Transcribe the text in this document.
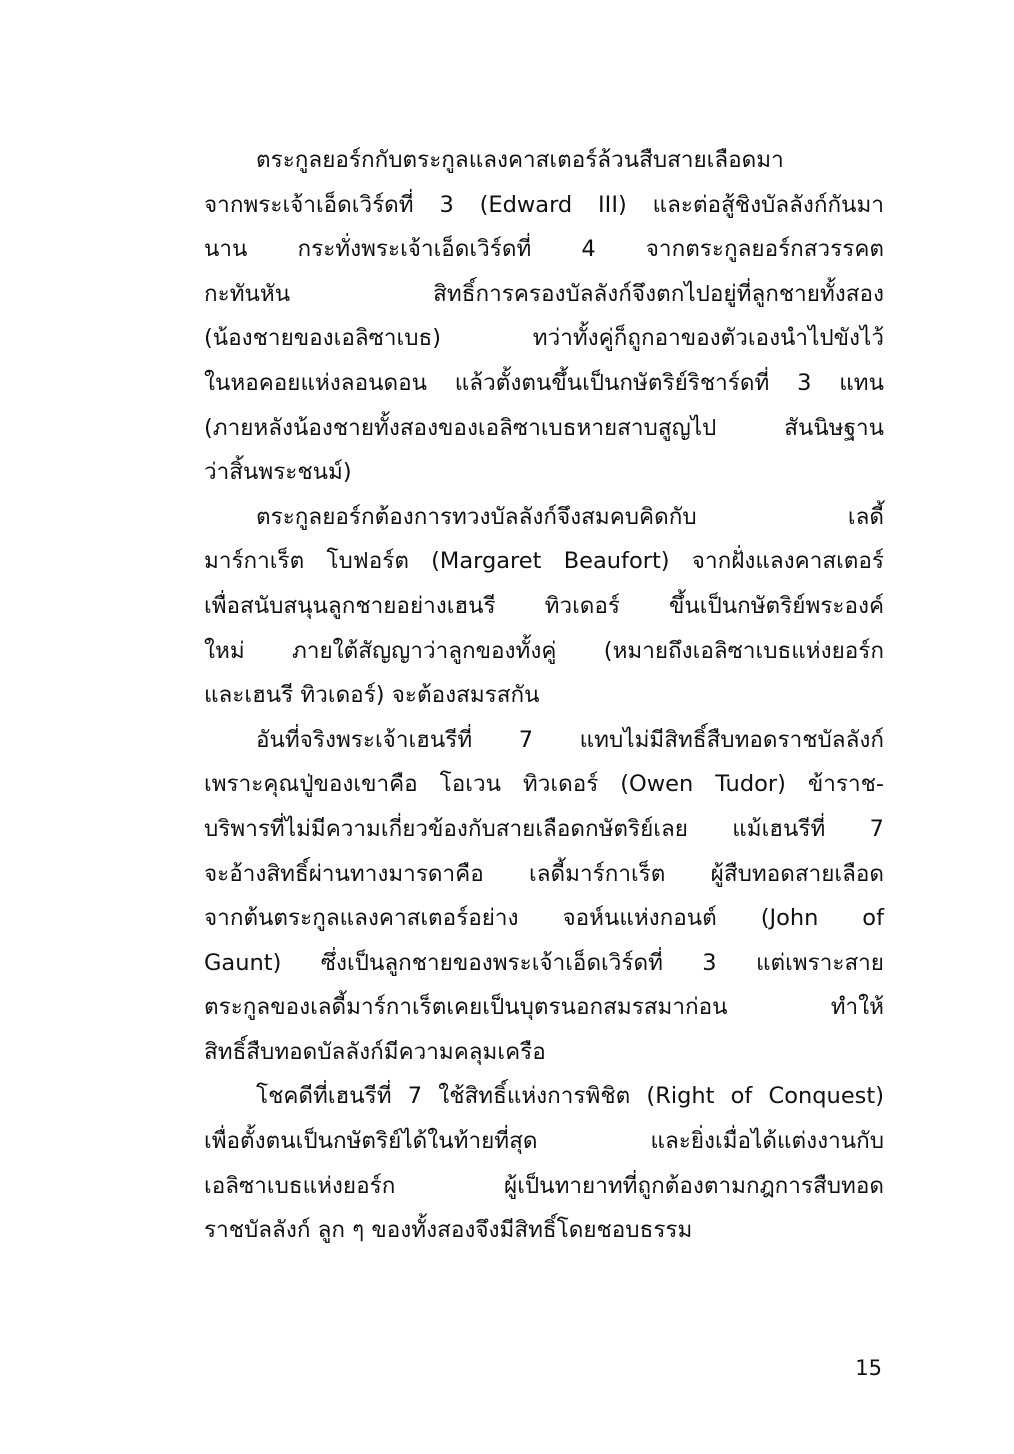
ตระกูลยอร์กกับตระกูลแลงคาสเตอร์ล้วนสืบสายเลือดมา
จากพระเจ้าเอ็ดเวิร์ดที่ 3 (Edward III) และต่อสู้ชิงบัลลังก์กันมา
นาน กระทั่งพระเจ้าเอ็ดเวิร์ดที่ 4 จากตระกูลยอร์กสวรรคต
กะทันหัน สิทธิ์การครองบัลลังก์จึงตกไปอยู่ที่ลูกชายทั้งสอง
(น้องชายของเอลิซาเบธ) ทว่าทั้งคู่ก็ถูกอาของตัวเองนำไปขังไว้
ในหอคอยแห่งลอนดอน แล้วตั้งตนขึ้นเป็นกษัตริย์ริชาร์ดที่ 3 แทน
(ภายหลังน้องชายทั้งสองของเอลิซาเบธหายสาบสูญไป สันนิษฐาน
ว่าสิ้นพระชนม์)
ตระกูลยอร์กต้องการทวงบัลลังก์จึงสมคบคิดกับ เลดี้
มาร์กาเร็ต โบฟอร์ต (Margaret Beaufort) จากฝั่งแลงคาสเตอร์
เพื่อสนับสนุนลูกชายอย่างเฮนรี ทิวเดอร์ ขึ้นเป็นกษัตริย์พระองค์
ใหม่ ภายใต้สัญญาว่าลูกของทั้งคู่ (หมายถึงเอลิซาเบธแห่งยอร์ก
และเฮนรี ทิวเดอร์) จะต้องสมรสกัน
อันที่จริงพระเจ้าเฮนรีที่ 7 แทบไม่มีสิทธิ์สืบทอดราชบัลลังก์
เพราะคุณปู่ของเขาคือ โอเวน ทิวเดอร์ (Owen Tudor) ข้าราช-
บริพารที่ไม่มีความเกี่ยวข้องกับสายเลือดกษัตริย์เลย แม้เฮนรีที่ 7
จะอ้างสิทธิ์ผ่านทางมารดาคือ เลดี้มาร์กาเร็ต ผู้สืบทอดสายเลือด
จากต้นตระกูลแลงคาสเตอร์อย่าง จอห์นแห่งกอนต์ (John of
Gaunt) ซึ่งเป็นลูกชายของพระเจ้าเอ็ดเวิร์ดที่ 3 แต่เพราะสาย
ตระกูลของเลดี้มาร์กาเร็ตเคยเป็นบุตรนอกสมรสมาก่อน ทำให้
สิทธิ์สืบทอดบัลลังก์มีความคลุมเครือ
โชคดีที่เฮนรีที่ 7 ใช้สิทธิ์แห่งการพิชิต (Right of Conquest)
เพื่อตั้งตนเป็นกษัตริย์ได้ในท้ายที่สุด และยิ่งเมื่อได้แต่งงานกับ
เอลิซาเบธแห่งยอร์ก ผู้เป็นทายาทที่ถูกต้องตามกฎการสืบทอด
ราชบัลลังก์ ลูก ๆ ของทั้งสองจึงมีสิทธิ์โดยชอบธรรม
15
